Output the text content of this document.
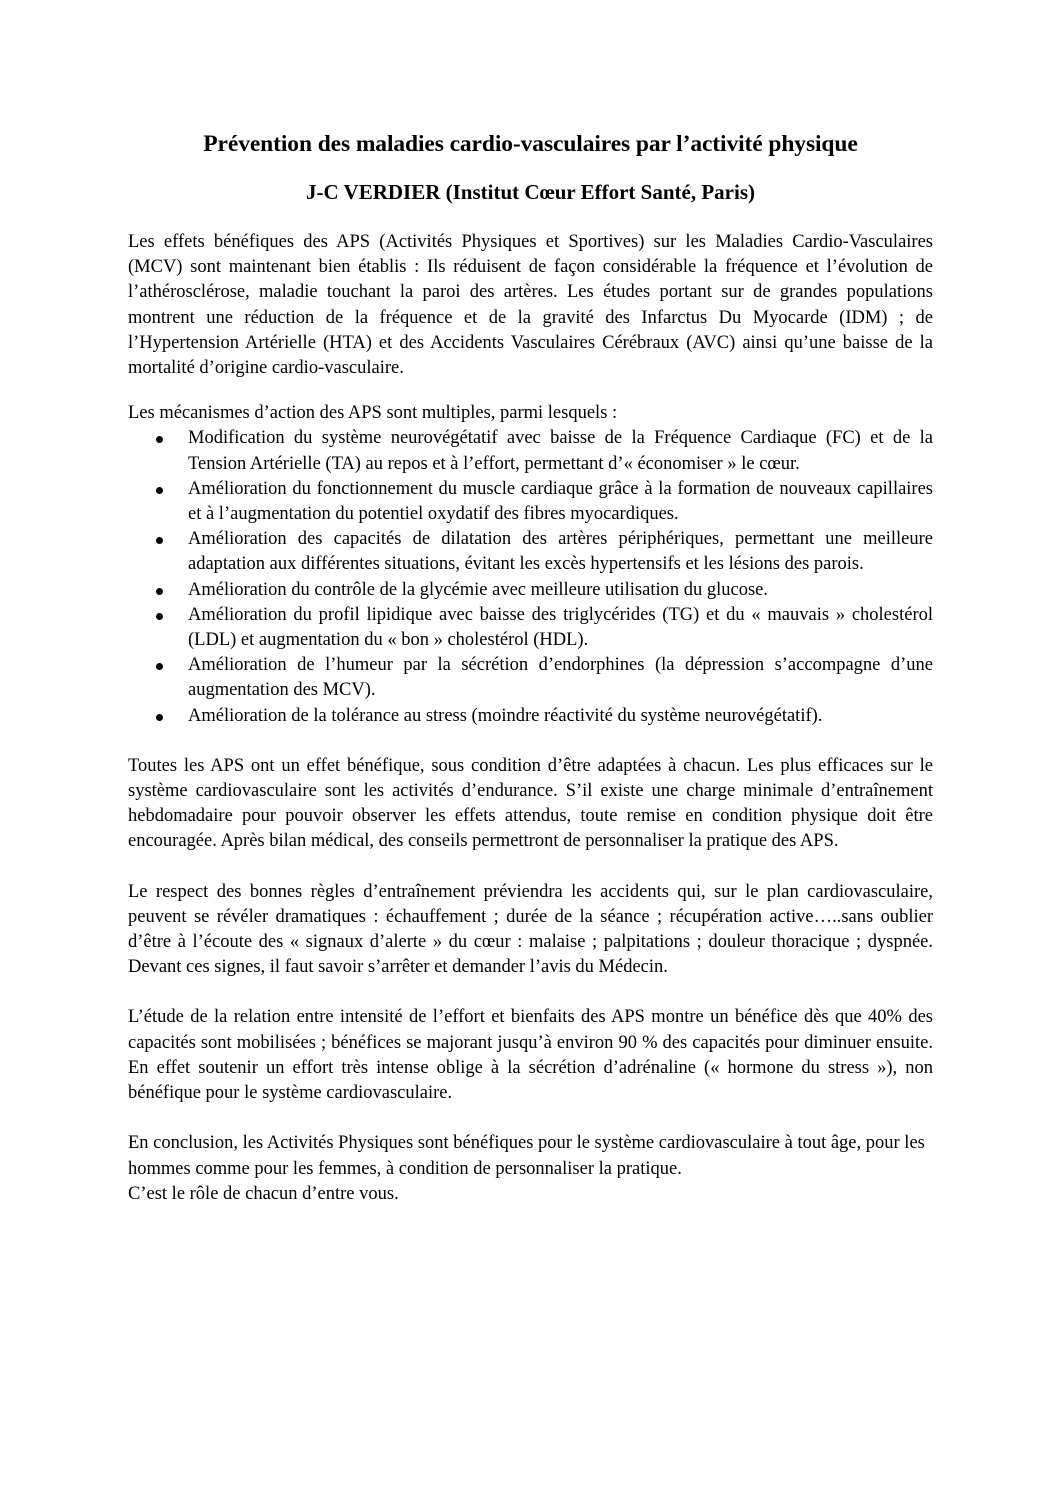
Prévention des maladies cardio-vasculaires par l’activité physique
J-C VERDIER (Institut Cœur Effort Santé, Paris)

Les effets bénéfiques des APS (Activités Physiques et Sportives) sur les Maladies Cardio-Vasculaires (MCV) sont maintenant bien établis : Ils réduisent de façon considérable la fréquence et l’évolution de l’athérosclérose, maladie touchant la paroi des artères. Les études portant sur de grandes populations montrent une réduction de la fréquence et de la gravité des Infarctus Du Myocarde (IDM) ; de l’Hypertension Artérielle (HTA) et des Accidents Vasculaires Cérébraux (AVC) ainsi qu’une baisse de la mortalité d’origine cardio-vasculaire.

Les mécanismes d’action des APS sont multiples, parmi lesquels :

Modification du système neurovégétatif avec baisse de la Fréquence Cardiaque (FC) et de la Tension Artérielle (TA) au repos et à l’effort, permettant d’« économiser » le cœur.
Amélioration du fonctionnement du muscle cardiaque grâce à la formation de nouveaux capillaires et à l’augmentation du potentiel oxydatif des fibres myocardiques.
Amélioration des capacités de dilatation des artères périphériques, permettant une meilleure adaptation aux différentes situations, évitant les excès hypertensifs et les lésions des parois.
Amélioration du contrôle de la glycémie avec meilleure utilisation du glucose.
Amélioration du profil lipidique avec baisse des triglycérides (TG) et du « mauvais » cholestérol (LDL) et augmentation du « bon » cholestérol (HDL).
Amélioration de l’humeur par la sécrétion d’endorphines (la dépression s’accompagne d’une augmentation des MCV).
Amélioration de la tolérance au stress (moindre réactivité du système neurovégétatif).

Toutes les APS ont un effet bénéfique, sous condition d’être adaptées à chacun. Les plus efficaces sur le système cardiovasculaire sont les activités d’endurance. S’il existe une charge minimale d’entraînement hebdomadaire pour pouvoir observer les effets attendus, toute remise en condition physique doit être encouragée. Après bilan médical, des conseils permettront de personnaliser la pratique des APS.

Le respect des bonnes règles d’entraînement préviendra les accidents qui, sur le plan cardiovasculaire, peuvent se révéler dramatiques : échauffement ; durée de la séance ; récupération active…..sans oublier d’être à l’écoute des « signaux d’alerte » du cœur : malaise ; palpitations ; douleur thoracique ; dyspnée. Devant ces signes, il faut savoir s’arrêter et demander l’avis du Médecin.

L’étude de la relation entre intensité de l’effort et bienfaits des APS montre un bénéfice dès que 40% des capacités sont mobilisées ; bénéfices se majorant jusqu’à environ 90 % des capacités pour diminuer ensuite. En effet soutenir un effort très intense oblige à la sécrétion d’adrénaline (« hormone du stress »), non bénéfique pour le système cardiovasculaire.

En conclusion, les Activités Physiques sont bénéfiques pour le système cardiovasculaire à tout âge, pour les hommes comme pour les femmes, à condition de personnaliser la pratique.

C’est le rôle de chacun d’entre vous.
